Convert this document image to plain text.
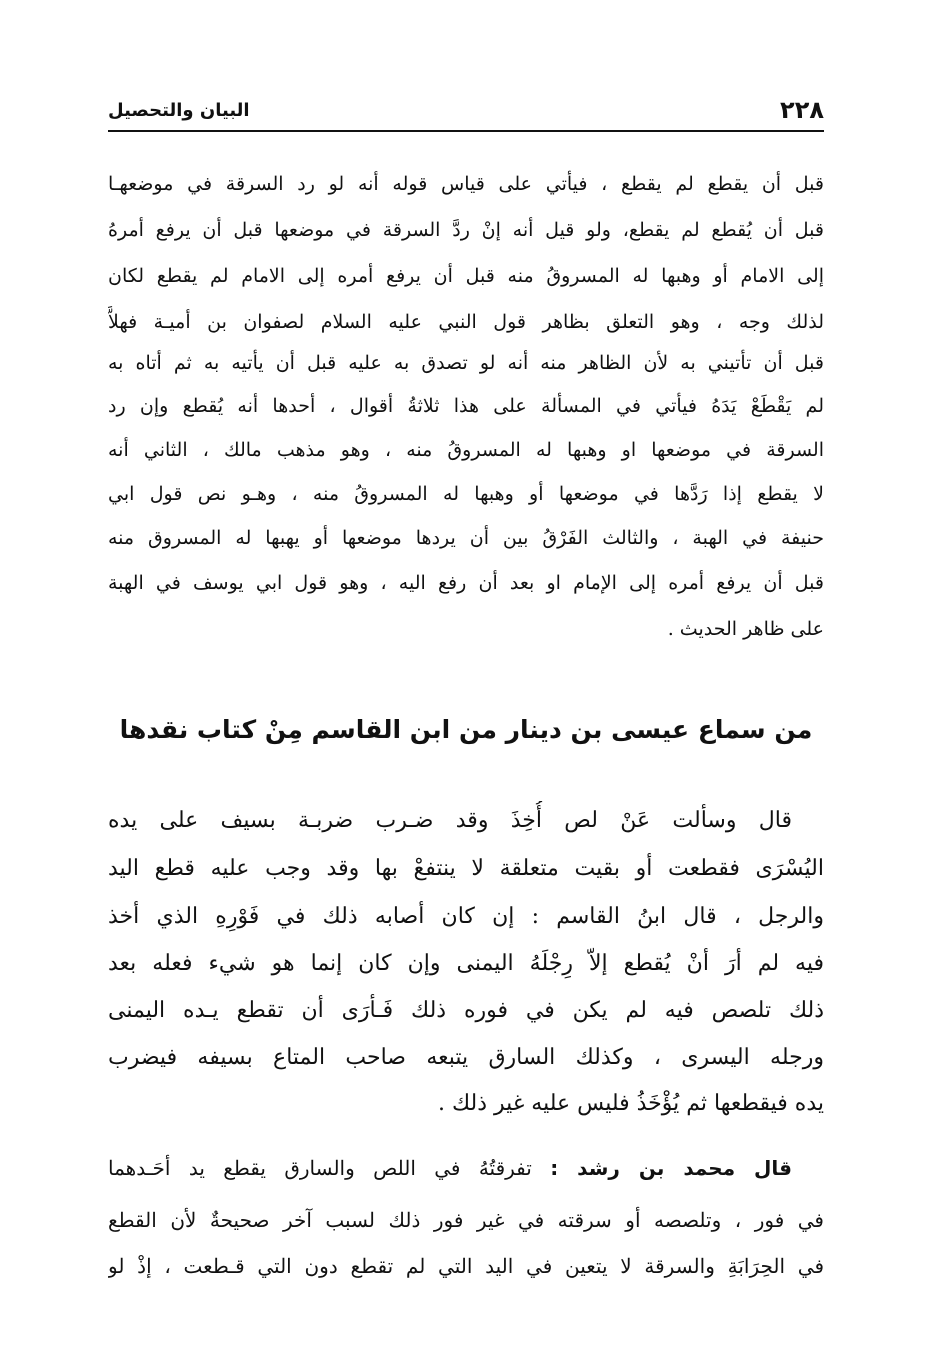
٢٢٨
البيان والتحصيل
قبل أن يقطع لم يقطع ، فيأتي على قياس قوله أنه لو رد السرقة في موضعهـا
قبل أن يُقطع لم يقطع، ولو قيل أنه إنْ ردَّ السرقة في موضعها قبل أن يرفع أمرهُ
إلى الامام أو وهبها له المسروقُ منه قبل أن يرفع أمره إلى الامام لم يقطع لكان
لذلك وجه ، وهو التعلق بظاهر قول النبي عليه السلام لصفوان بن أميـة فهلاَّ
قبل أن تأتيني به لأن الظاهر منه أنه لو تصدق به عليه قبل أن يأتيه به ثم أتاه به
لم يَقْطَعْ يَدَهُ فيأتي في المسألة على هذا ثلاثةُ أقوال ، أحدها أنه يُقطع وإن رد
السرقة في موضعها او وهبها له المسروقُ منه ، وهو مذهب مالك ، الثاني أنه
لا يقطع إذا رَدَّها في موضعها أو وهبها له المسروقُ منه ، وهـو نص قول ابي
حنيفة في الهبة ، والثالث الفَرْقُ بين أن يردها موضعها أو يهبها له المسروق منه
قبل أن يرفع أمره إلى الإمام او بعد أن رفع اليه ، وهو قول ابي يوسف في الهبة
على ظاهر الحديث .
من سماع عيسى بن دينار من ابن القاسم مِنْ كتاب نقدها
قال وسألت عَنْ لص أُخِذَ وقد ضـرب ضربـة بسيف على يده
اليُسْرَى فقطعت أو بقيت متعلقة لا ينتفعْ بها وقد وجب عليه قطع اليد
والرجل ، قال ابنُ القاسم : إن كان أصابه ذلك في فَوْرِهِ الذي أخذ
فيه لم أرَ أنْ يُقطع إلاّ رِجْلَهُ اليمنى وإن كان إنما هو شيء فعله بعد
ذلك تلصص فيه لم يكن في فوره ذلك فَـأرَى أن تقطع يـده اليمنى
ورجله اليسرى ، وكذلك السارق يتبعه صاحب المتاع بسيفه فيضرب
يده فيقطعها ثم يُؤْخَذُ فليس عليه غير ذلك .
قال محمد بن رشد : تفرقتُهُ في اللص والسارق يقطع يد أحَـدهما
في فور ، وتلصصه أو سرقته في غير فور ذلك لسبب آخر صحيحةٌ لأن القطع
في الحِرَابَةِ والسرقة لا يتعين في اليد التي لم تقطع دون التي قـطعت ، إذْ لو
